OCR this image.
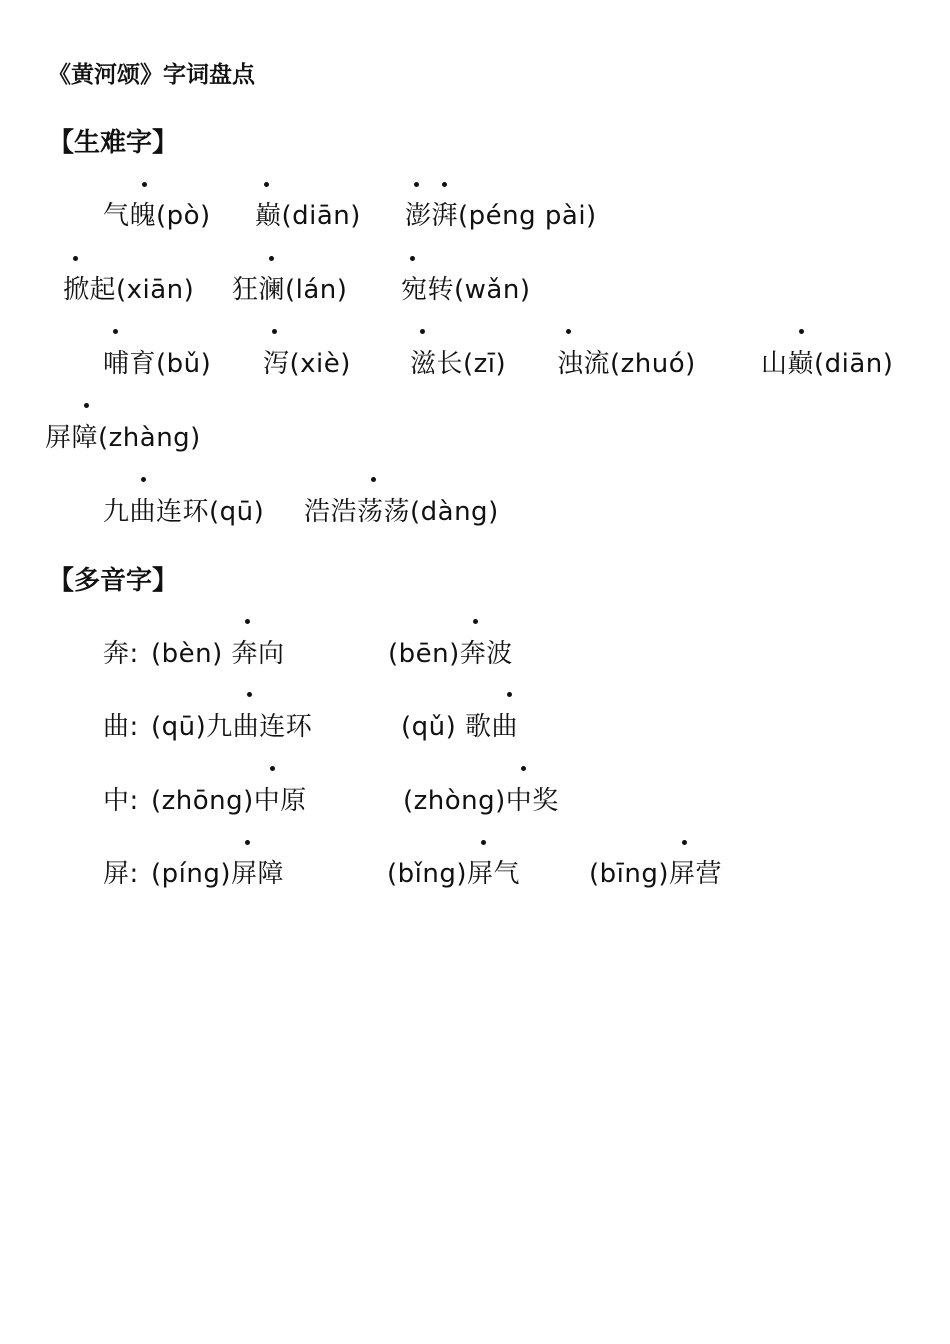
《黄河颂》字词盘点
【生难字】
气魄(pò) 巅(diān) 澎湃(péng pài)
掀起(xiān) 狂澜(lán) 宛转(wǎn)
哺育(bǔ) 泻(xiè) 滋长(zī) 浊流(zhuó)	山巅(diān)
屏障(zhàng)
九曲连环(qū) 浩浩荡荡(dàng)
【多音字】
奔: (bèn) 奔向	(bēn)奔波
曲: (qū)九曲连环	(qǔ) 歌曲
中: (zhōng)中原	(zhòng)中奖
屏: (píng)屏障	(bǐng)屏气	(bīng)屏营
